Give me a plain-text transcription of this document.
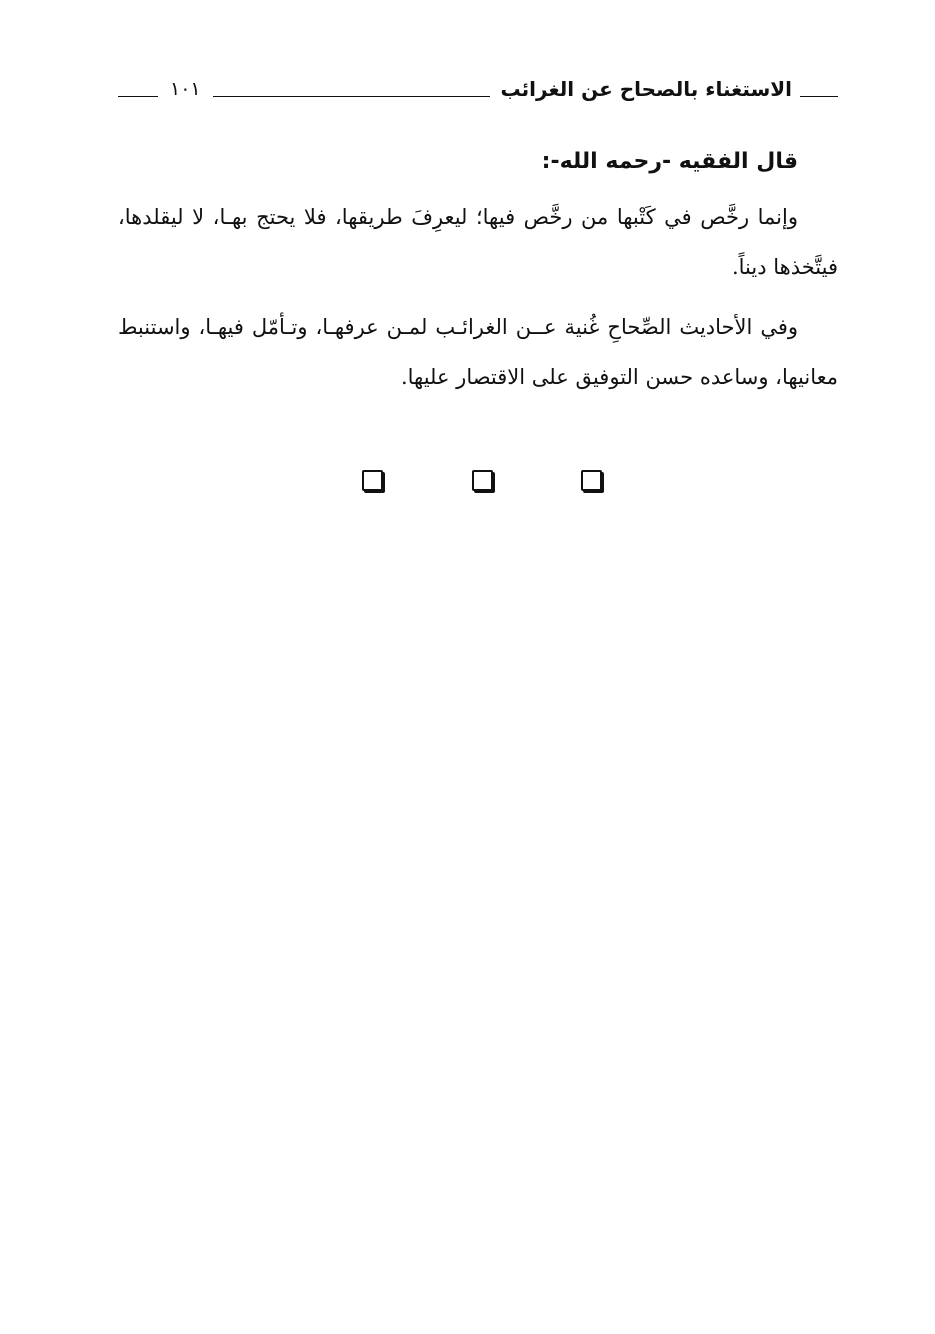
الاستغناء بالصحاح عن الغرائب
١٠١

قال الفقيه -رحمه الله-:

وإنما رخَّص في كَتْبها من رخَّص فيها؛ ليعرِفَ طريقها، فلا يحتج بهـا، لا ليقلدها، فيتَّخذها ديناً.

وفي الأحاديث الصِّحاحِ غُنية عــن الغرائـب لمـن عرفهـا، وتـأمّل فيهـا، واستنبط معانيها، وساعده حسن التوفيق على الاقتصار عليها.
